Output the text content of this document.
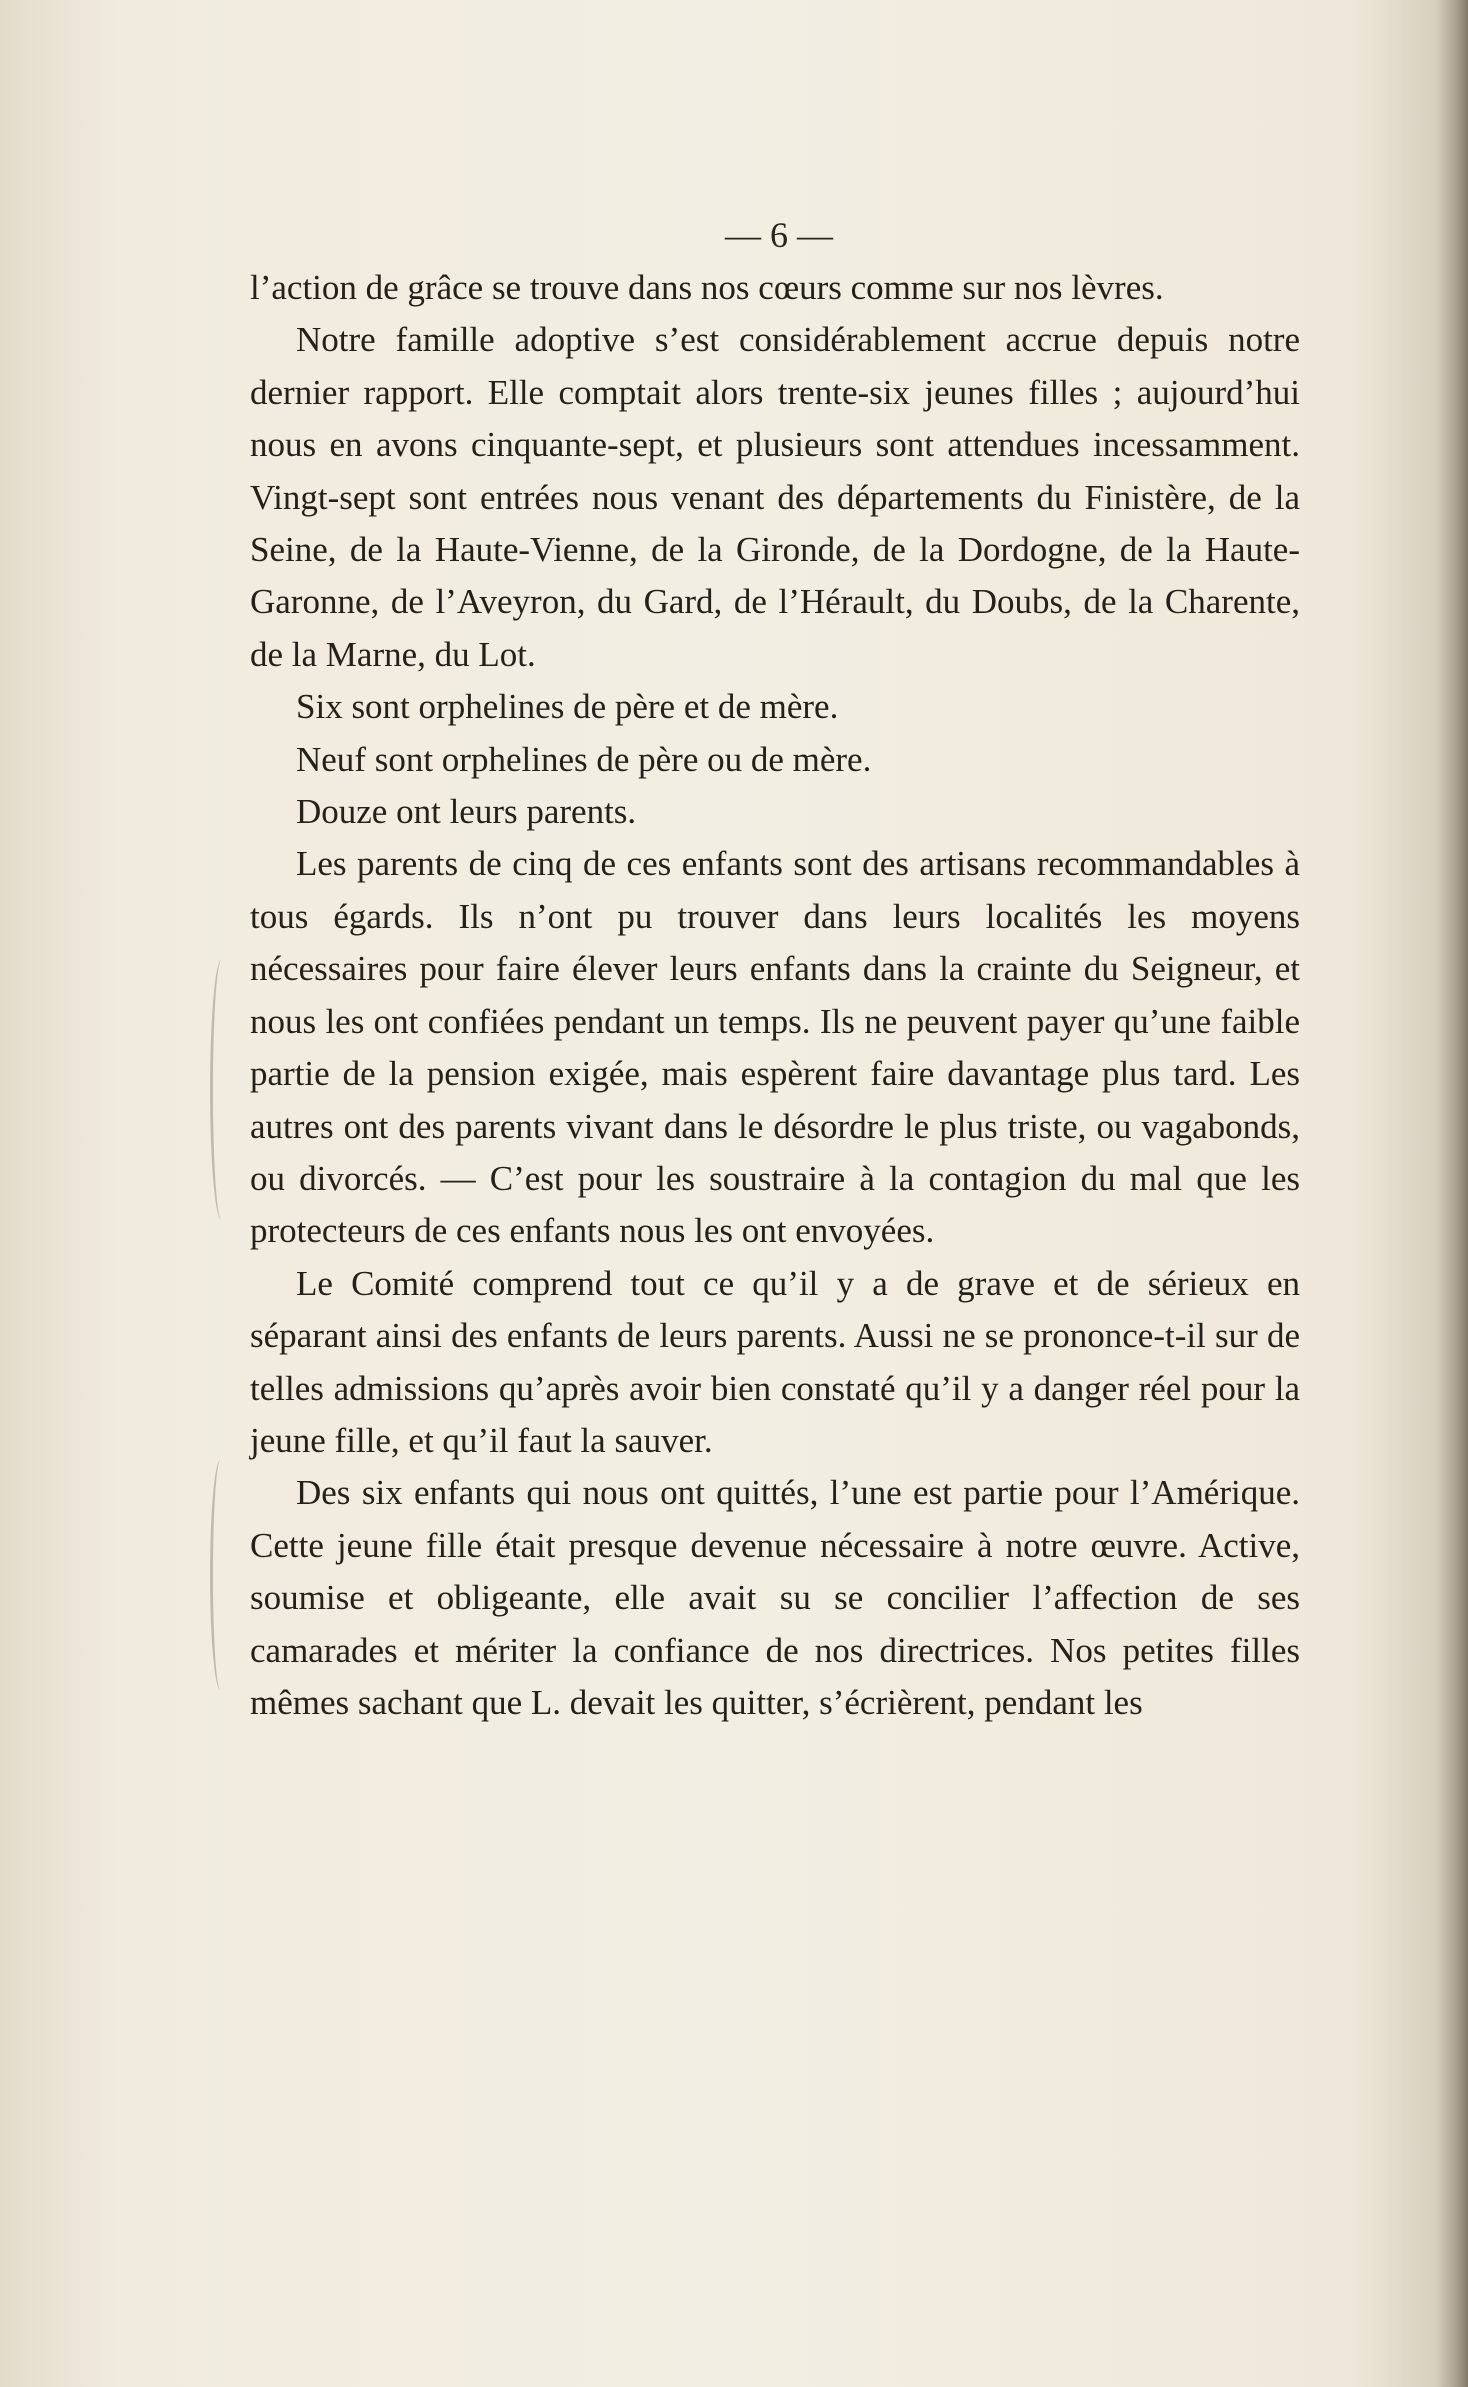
— 6 —

l’action de grâce se trouve dans nos cœurs comme sur nos lèvres.

Notre famille adoptive s’est considérablement accrue depuis notre dernier rapport. Elle comptait alors trente-six jeunes filles ; aujourd’hui nous en avons cinquante-sept, et plusieurs sont attendues incessamment. Vingt-sept sont entrées nous venant des départements du Finistère, de la Seine, de la Haute-Vienne, de la Gironde, de la Dordogne, de la Haute-Garonne, de l’Aveyron, du Gard, de l’Hérault, du Doubs, de la Charente, de la Marne, du Lot.

Six sont orphelines de père et de mère.

Neuf sont orphelines de père ou de mère.

Douze ont leurs parents.

Les parents de cinq de ces enfants sont des artisans recommandables à tous égards. Ils n’ont pu trouver dans leurs localités les moyens nécessaires pour faire élever leurs enfants dans la crainte du Seigneur, et nous les ont confiées pendant un temps. Ils ne peuvent payer qu’une faible partie de la pension exigée, mais espèrent faire davantage plus tard. Les autres ont des parents vivant dans le désordre le plus triste, ou vagabonds, ou divorcés. — C’est pour les soustraire à la contagion du mal que les protecteurs de ces enfants nous les ont envoyées.

Le Comité comprend tout ce qu’il y a de grave et de sérieux en séparant ainsi des enfants de leurs parents. Aussi ne se prononce-t-il sur de telles admissions qu’après avoir bien constaté qu’il y a danger réel pour la jeune fille, et qu’il faut la sauver.

Des six enfants qui nous ont quittés, l’une est partie pour l’Amérique. Cette jeune fille était presque devenue nécessaire à notre œuvre. Active, soumise et obligeante, elle avait su se concilier l’affection de ses camarades et mériter la confiance de nos directrices. Nos petites filles mêmes sachant que L. devait les quitter, s’écrièrent, pendant les
